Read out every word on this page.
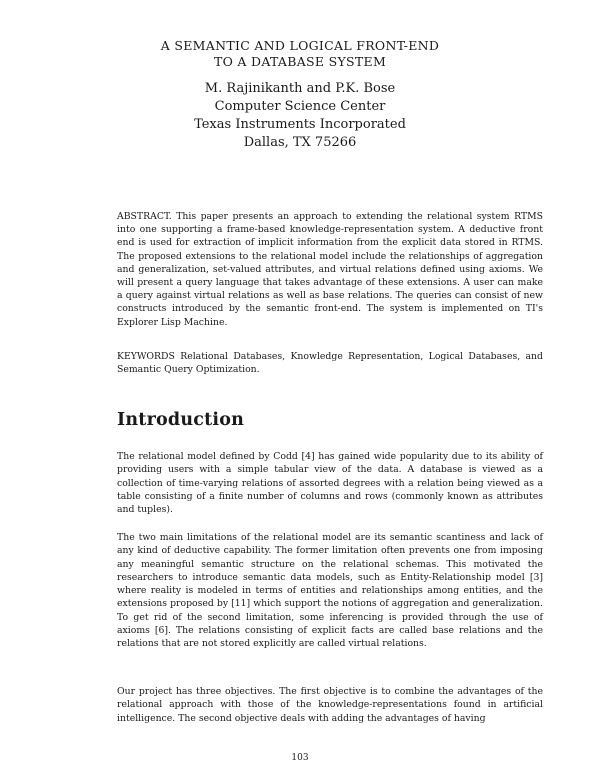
A SEMANTIC AND LOGICAL FRONT-END
TO A DATABASE SYSTEM
M. Rajinikanth and P.K. Bose
Computer Science Center
Texas Instruments Incorporated
Dallas, TX 75266
ABSTRACT. This paper presents an approach to extending the relational system RTMS into one supporting a frame-based knowledge-representation system. A deductive front end is used for extraction of implicit information from the explicit data stored in RTMS. The proposed extensions to the relational model include the relationships of aggregation and generalization, set-valued attributes, and virtual relations defined using axioms. We will present a query language that takes advantage of these extensions. A user can make a query against virtual relations as well as base relations. The queries can consist of new constructs introduced by the semantic front-end. The system is implemented on TI's Explorer Lisp Machine.
KEYWORDS Relational Databases, Knowledge Representation, Logical Databases, and Semantic Query Optimization.
Introduction

The relational model defined by Codd [4] has gained wide popularity due to its ability of providing users with a simple tabular view of the data. A database is viewed as a collection of time-varying relations of assorted degrees with a relation being viewed as a table consisting of a finite number of columns and rows (commonly known as attributes and tuples).

The two main limitations of the relational model are its semantic scantiness and lack of any kind of deductive capability. The former limitation often prevents one from imposing any meaningful semantic structure on the relational schemas. This motivated the researchers to introduce semantic data models, such as Entity-Relationship model [3] where reality is modeled in terms of entities and relationships among entities, and the extensions proposed by [11] which support the notions of aggregation and generalization. To get rid of the second limitation, some inferencing is provided through the use of axioms [6]. The relations consisting of explicit facts are called base relations and the relations that are not stored explicitly are called virtual relations.

Our project has three objectives. The first objective is to combine the advantages of the relational approach with those of the knowledge-representations found in artificial intelligence. The second objective deals with adding the advantages of having

103
